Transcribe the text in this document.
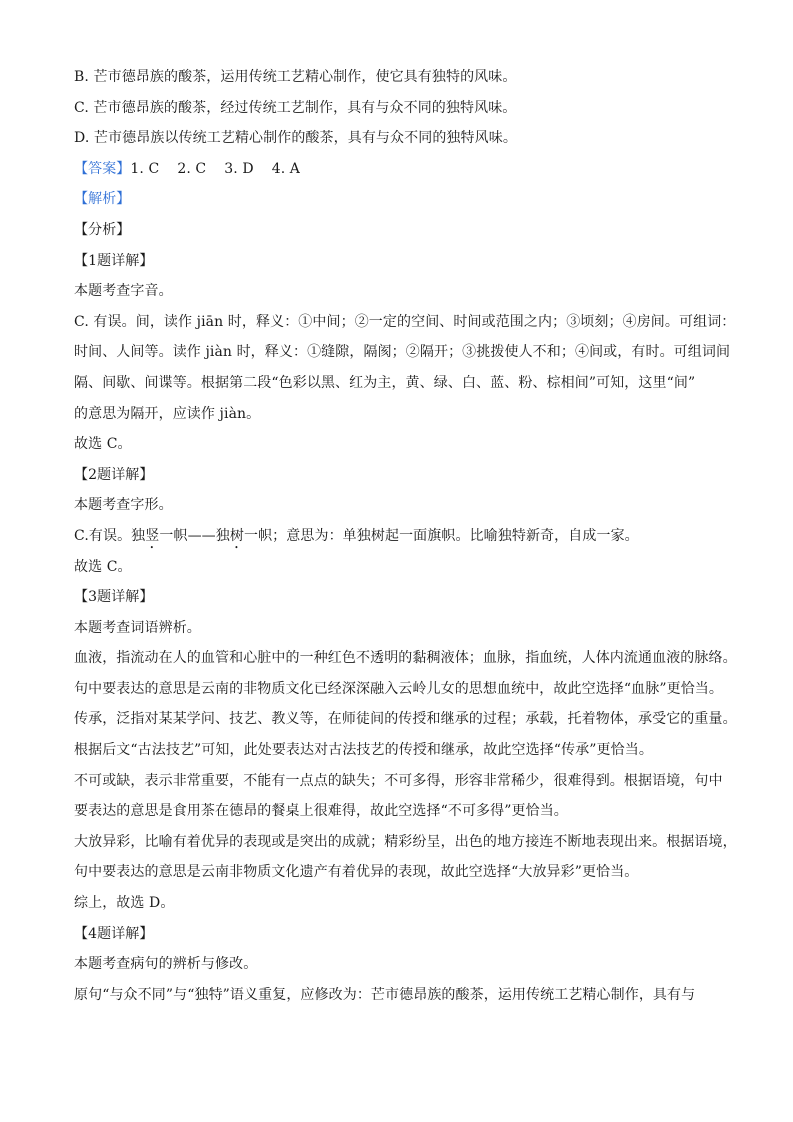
B. 芒市德昂族的酸茶，运用传统工艺精心制作，使它具有独特的风味。
C. 芒市德昂族的酸茶，经过传统工艺制作，具有与众不同的独特风味。
D. 芒市德昂族以传统工艺精心制作的酸茶，具有与众不同的独特风味。
【答案】1. C 2. C 3. D 4. A
【解析】
【分析】
【1题详解】
本题考查字音。
C. 有误。间，读作 jiān 时，释义：①中间；②一定的空间、时间或范围之内；③顷刻；④房间。可组词：
时间、人间等。读作 jiàn 时，释义：①缝隙，隔阂；②隔开；③挑拨使人不和；④间或，有时。可组词间
隔、间歇、间谍等。根据第二段“色彩以黑、红为主，黄、绿、白、蓝、粉、棕相间”可知，这里“间”
的意思为隔开，应读作 jiàn。
故选 C。
【2题详解】
本题考查字形。
C.有误。独竖一帜——独树一帜；意思为：单独树起一面旗帜。比喻独特新奇，自成一家。
故选 C。
【3题详解】
本题考查词语辨析。
血液，指流动在人的血管和心脏中的一种红色不透明的黏稠液体；血脉，指血统，人体内流通血液的脉络。
句中要表达的意思是云南的非物质文化已经深深融入云岭儿女的思想血统中，故此空选择“血脉”更恰当。
传承，泛指对某某学问、技艺、教义等，在师徒间的传授和继承的过程；承载，托着物体，承受它的重量。
根据后文“古法技艺”可知，此处要表达对古法技艺的传授和继承，故此空选择“传承”更恰当。
不可或缺，表示非常重要，不能有一点点的缺失；不可多得，形容非常稀少，很难得到。根据语境，句中
要表达的意思是食用茶在德昂的餐桌上很难得，故此空选择“不可多得”更恰当。
大放异彩，比喻有着优异的表现或是突出的成就；精彩纷呈，出色的地方接连不断地表现出来。根据语境，
句中要表达的意思是云南非物质文化遗产有着优异的表现，故此空选择“大放异彩”更恰当。
综上，故选 D。
【4题详解】
本题考查病句的辨析与修改。
原句“与众不同”与“独特”语义重复，应修改为：芒市德昂族的酸茶，运用传统工艺精心制作，具有与
